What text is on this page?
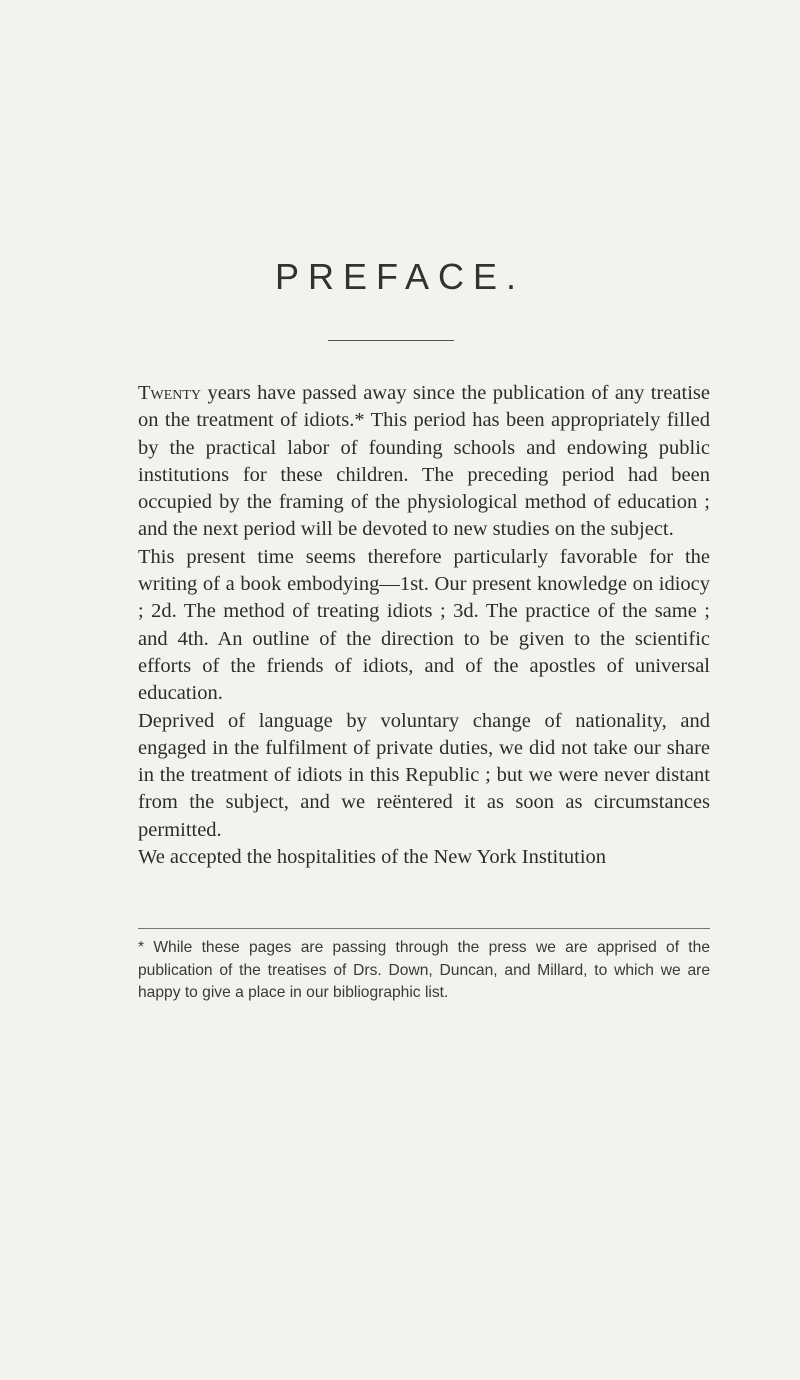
PREFACE.

Twenty years have passed away since the publication of any treatise on the treatment of idiots.* This period has been appropriately filled by the practical labor of founding schools and endowing public institutions for these children. The preceding period had been occupied by the framing of the physiological method of education ; and the next period will be devoted to new studies on the subject.

This present time seems therefore particularly favorable for the writing of a book embodying—1st. Our present knowledge on idiocy ; 2d. The method of treating idiots ; 3d. The practice of the same ; and 4th. An outline of the direction to be given to the scientific efforts of the friends of idiots, and of the apostles of universal education.

Deprived of language by voluntary change of nationality, and engaged in the fulfilment of private duties, we did not take our share in the treatment of idiots in this Republic ; but we were never distant from the subject, and we reëntered it as soon as circumstances permitted.

We accepted the hospitalities of the New York Institution

* While these pages are passing through the press we are apprised of the publication of the treatises of Drs. Down, Duncan, and Millard, to which we are happy to give a place in our bibliographic list.
